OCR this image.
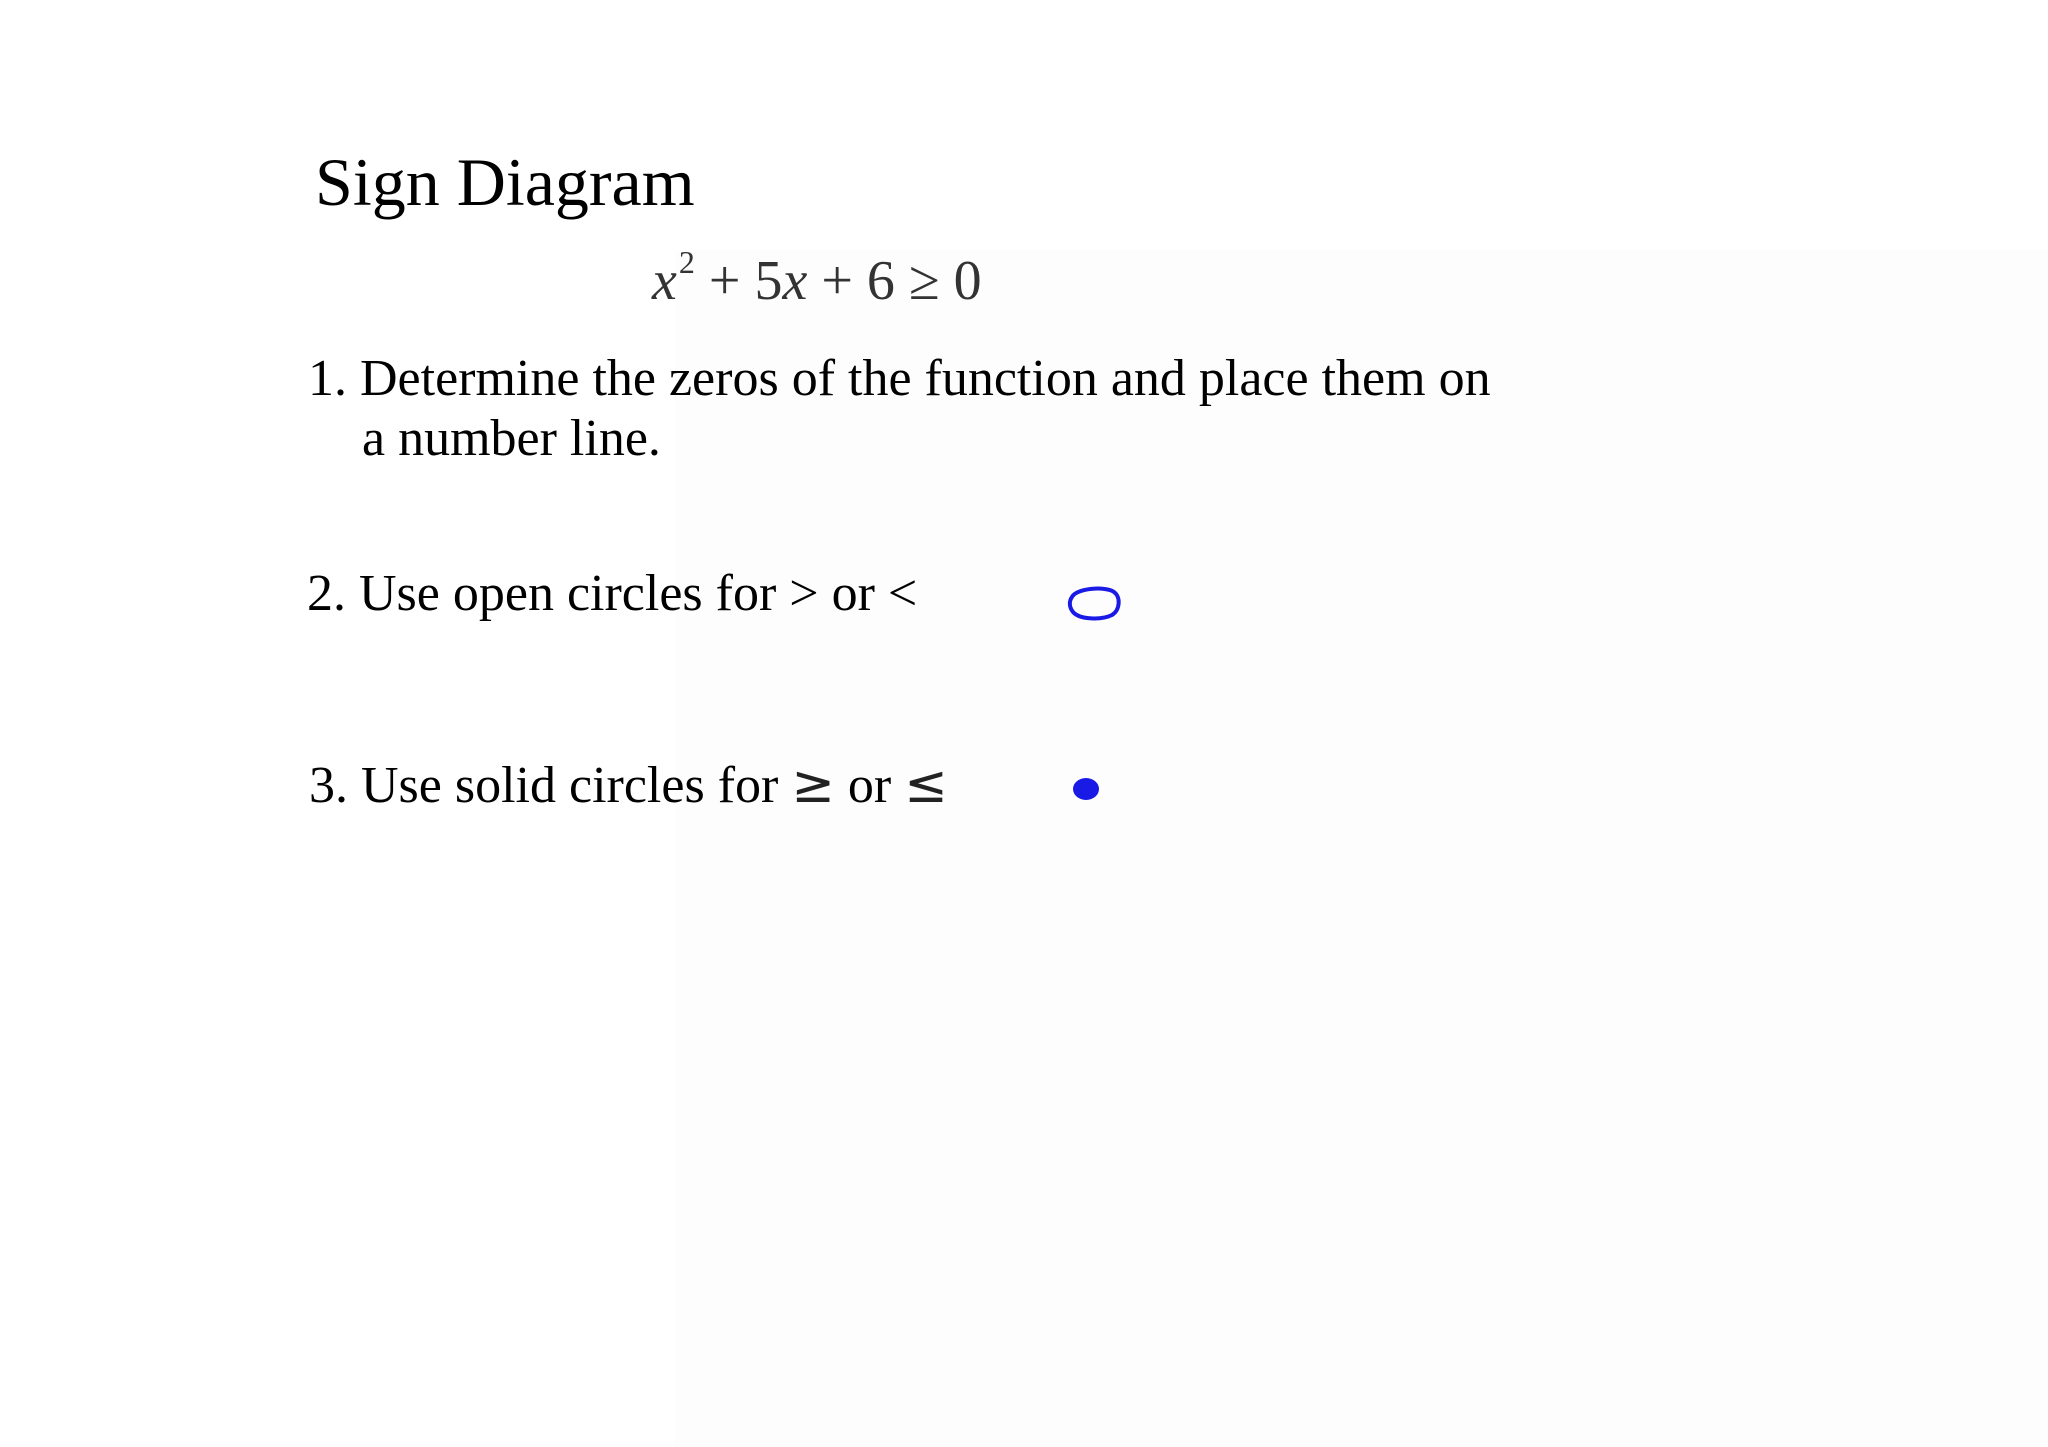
Sign Diagram
$x^2 + 5x + 6 \ge 0$
1. Determine the zeros of the function and place them on
a number line.
2. Use open circles for > or <
3. Use solid circles for ≥ or ≤
